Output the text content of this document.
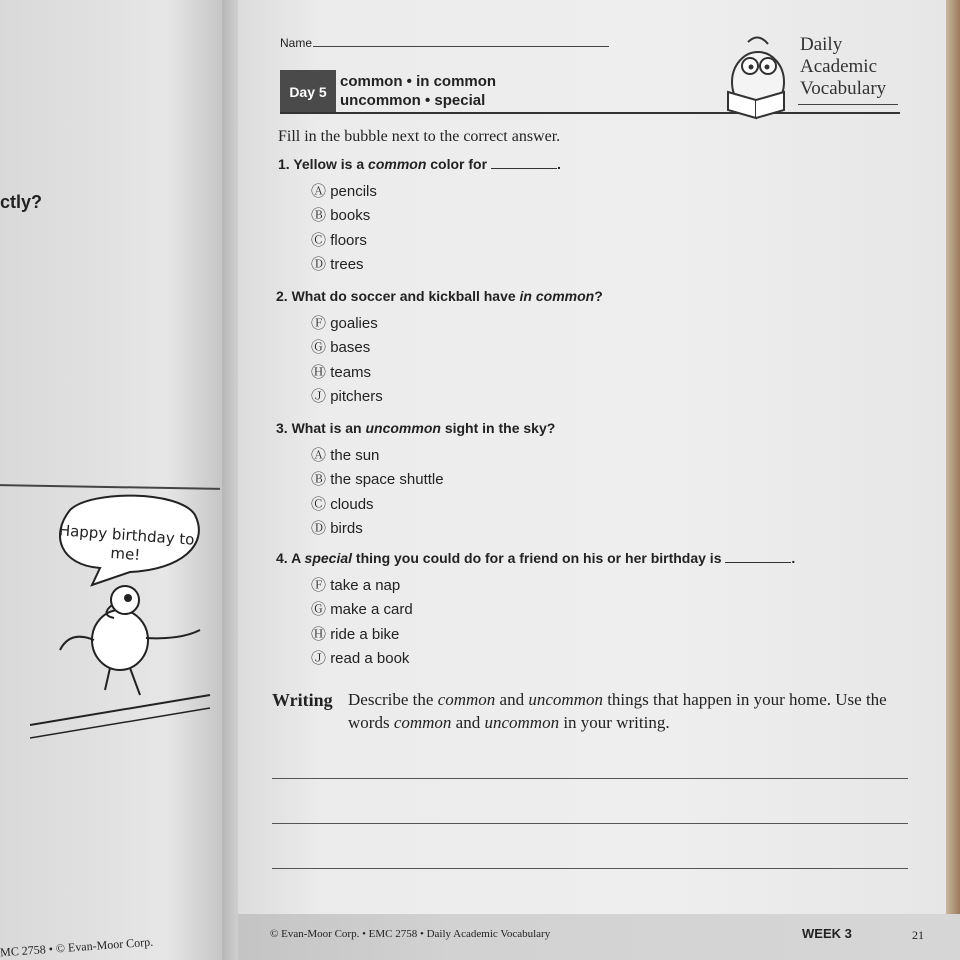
ctly?
Happy birthday to me!
MC 2758 • © Evan-Moor Corp.
Name
Day 5
common • in common
uncommon • special
Daily
Academic
Vocabulary
Fill in the bubble next to the correct answer.
1. Yellow is a common color for	.
Ⓐ pencils
Ⓑ books
Ⓒ floors
Ⓓ trees
2. What do soccer and kickball have in common?
Ⓕ goalies
Ⓖ bases
Ⓗ teams
Ⓙ pitchers
3. What is an uncommon sight in the sky?
Ⓐ the sun
Ⓑ the space shuttle
Ⓒ clouds
Ⓓ birds
4. A special thing you could do for a friend on his or her birthday is	.
Ⓕ take a nap
Ⓖ make a card
Ⓗ ride a bike
Ⓙ read a book
Writing Describe the common and uncommon things that happen in your home. Use the words common and uncommon in your writing.
© Evan-Moor Corp. • EMC 2758 • Daily Academic Vocabulary	WEEK 3	21
